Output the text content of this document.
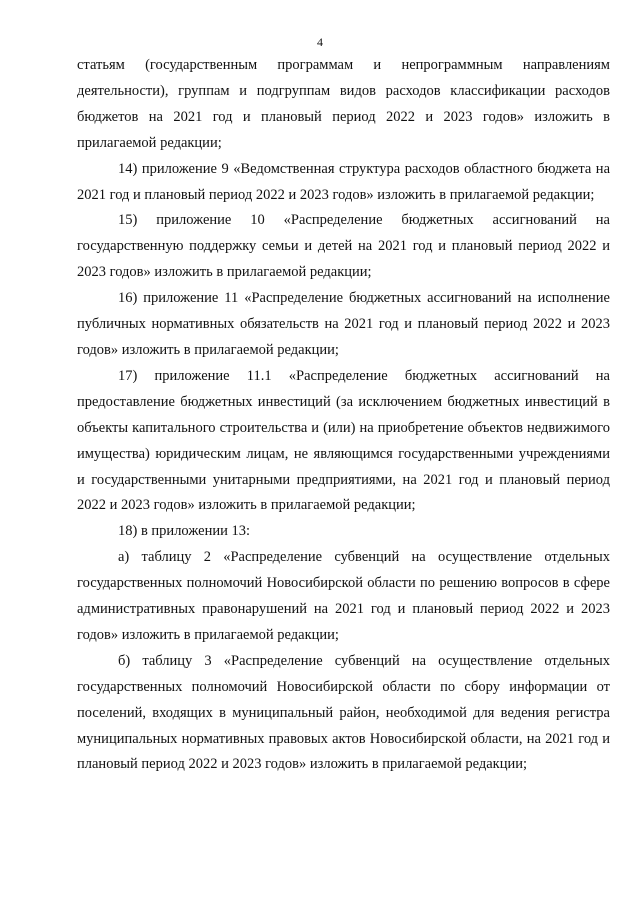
4

статьям (государственным программам и непрограммным направлениям деятельности), группам и подгруппам видов расходов классификации расходов бюджетов на 2021 год и плановый период 2022 и 2023 годов» изложить в прилагаемой редакции;

14) приложение 9 «Ведомственная структура расходов областного бюджета на 2021 год и плановый период 2022 и 2023 годов» изложить в прилагаемой редакции;

15) приложение 10 «Распределение бюджетных ассигнований на государственную поддержку семьи и детей на 2021 год и плановый период 2022 и 2023 годов» изложить в прилагаемой редакции;

16) приложение 11 «Распределение бюджетных ассигнований на исполнение публичных нормативных обязательств на 2021 год и плановый период 2022 и 2023 годов» изложить в прилагаемой редакции;

17) приложение 11.1 «Распределение бюджетных ассигнований на предоставление бюджетных инвестиций (за исключением бюджетных инвестиций в объекты капитального строительства и (или) на приобретение объектов недвижимого имущества) юридическим лицам, не являющимся государственными учреждениями и государственными унитарными предприятиями, на 2021 год и плановый период 2022 и 2023 годов» изложить в прилагаемой редакции;

18) в приложении 13:

а) таблицу 2 «Распределение субвенций на осуществление отдельных государственных полномочий Новосибирской области по решению вопросов в сфере административных правонарушений на 2021 год и плановый период 2022 и 2023 годов» изложить в прилагаемой редакции;

б) таблицу 3 «Распределение субвенций на осуществление отдельных государственных полномочий Новосибирской области по сбору информации от поселений, входящих в муниципальный район, необходимой для ведения регистра муниципальных нормативных правовых актов Новосибирской области, на 2021 год и плановый период 2022 и 2023 годов» изложить в прилагаемой редакции;
